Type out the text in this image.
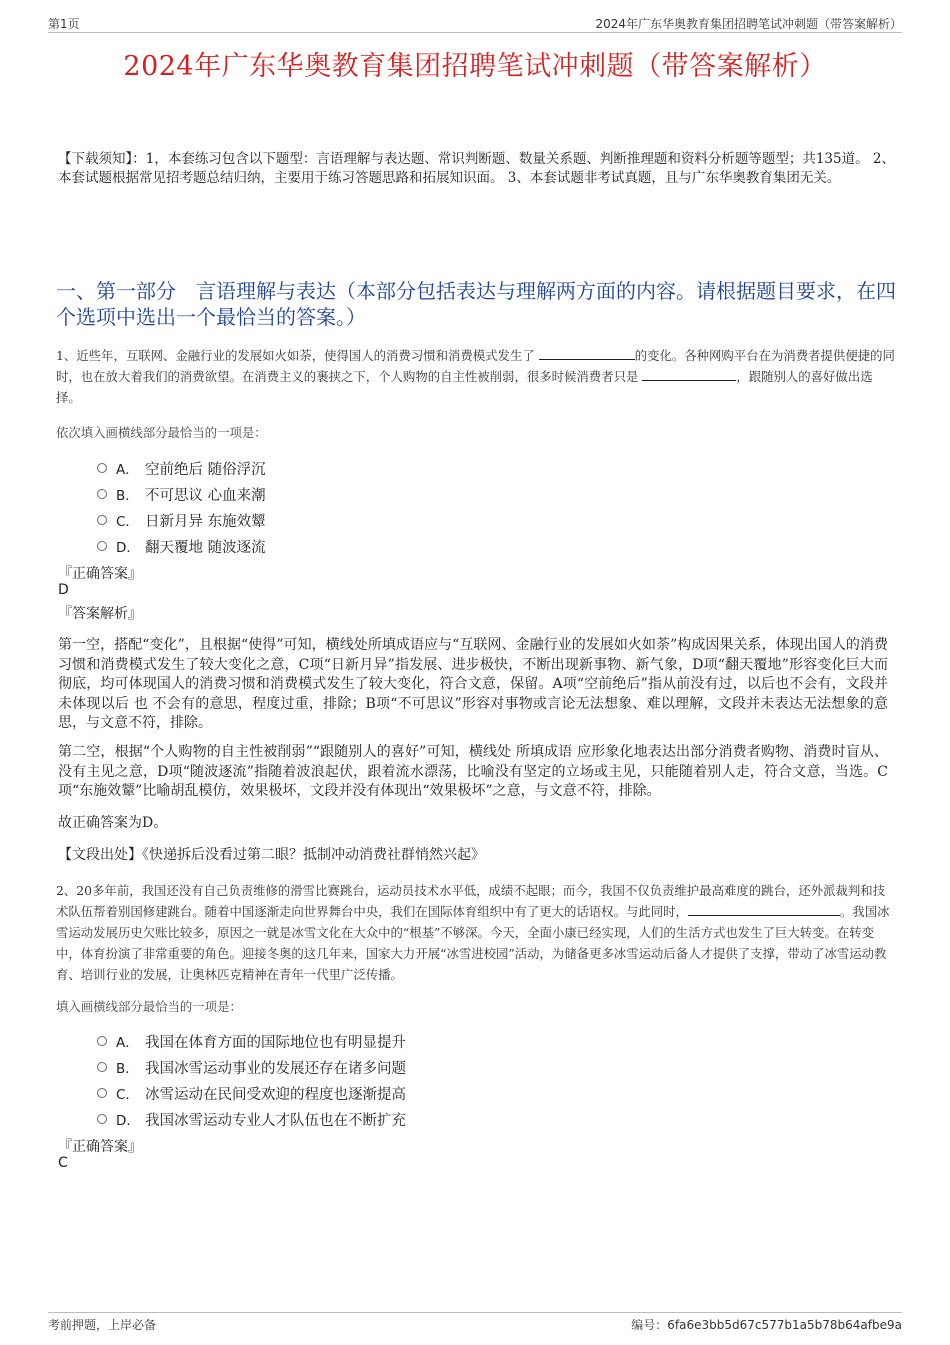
第1页	2024年广东华奥教育集团招聘笔试冲刺题（带答案解析）
2024年广东华奥教育集团招聘笔试冲刺题（带答案解析）
【下载须知】：1，本套练习包含以下题型：言语理解与表达题、常识判断题、数量关系题、判断推理题和资料分析题等题型；共135道。 2、本套试题根据常见招考题总结归纳，主要用于练习答题思路和拓展知识面。 3、本套试题非考试真题，且与广东华奥教育集团无关。
一、第一部分　言语理解与表达（本部分包括表达与理解两方面的内容。请根据题目要求，在四个选项中选出一个最恰当的答案。）
1、近些年，互联网、金融行业的发展如火如荼，使得国人的消费习惯和消费模式发生了	的变化。各种网购平台在为消费者提供便捷的同时，也在放大着我们的消费欲望。在消费主义的裹挟之下，个人购物的自主性被削弱，很多时候消费者只是	，跟随别人的喜好做出选择。
依次填入画横线部分最恰当的一项是：
A． 空前绝后 随俗浮沉
B． 不可思议 心血来潮
C． 日新月异 东施效颦
D． 翻天覆地 随波逐流
『正确答案』
D
『答案解析』
第一空，搭配“变化”，且根据“使得”可知，横线处所填成语应与“互联网、金融行业的发展如火如荼”构成因果关系，体现出国人的消费习惯和消费模式发生了较大变化之意，C项“日新月异”指发展、进步极快，不断出现新事物、新气象，D项“翻天覆地”形容变化巨大而彻底，均可体现国人的消费习惯和消费模式发生了较大变化，符合文意，保留。A项“空前绝后”指从前没有过，以后也不会有，文段并未体现以后 也 不会有的意思，程度过重，排除；B项“不可思议”形容对事物或言论无法想象、难以理解，文段并未表达无法想象的意思，与文意不符，排除。
第二空，根据“个人购物的自主性被削弱”“跟随别人的喜好”可知，横线处 所填成语 应形象化地表达出部分消费者购物、消费时盲从、没有主见之意，D项“随波逐流”指随着波浪起伏，跟着流水漂荡，比喻没有坚定的立场或主见，只能随着别人走，符合文意，当选。C项“东施效颦”比喻胡乱模仿，效果极坏，文段并没有体现出“效果极坏”之意，与文意不符，排除。
故正确答案为D。
【文段出处】《快递拆后没看过第二眼？抵制冲动消费社群悄然兴起》
2、20多年前，我国还没有自己负责维修的滑雪比赛跳台，运动员技术水平低，成绩不起眼；而今，我国不仅负责维护最高难度的跳台，还外派裁判和技术队伍帮着别国修建跳台。随着中国逐渐走向世界舞台中央，我们在国际体育组织中有了更大的话语权。与此同时，	。我国冰雪运动发展历史欠账比较多，原因之一就是冰雪文化在大众中的“根基”不够深。今天，全面小康已经实现，人们的生活方式也发生了巨大转变。在转变中，体育扮演了非常重要的角色。迎接冬奥的这几年来，国家大力开展“冰雪进校园”活动，为储备更多冰雪运动后备人才提供了支撑，带动了冰雪运动教育、培训行业的发展，让奥林匹克精神在青年一代里广泛传播。
填入画横线部分最恰当的一项是：
A． 我国在体育方面的国际地位也有明显提升
B． 我国冰雪运动事业的发展还存在诸多问题
C． 冰雪运动在民间受欢迎的程度也逐渐提高
D． 我国冰雪运动专业人才队伍也在不断扩充
『正确答案』
C
考前押题，上岸必备	编号：6fa6e3bb5d67c577b1a5b78b64afbe9a
